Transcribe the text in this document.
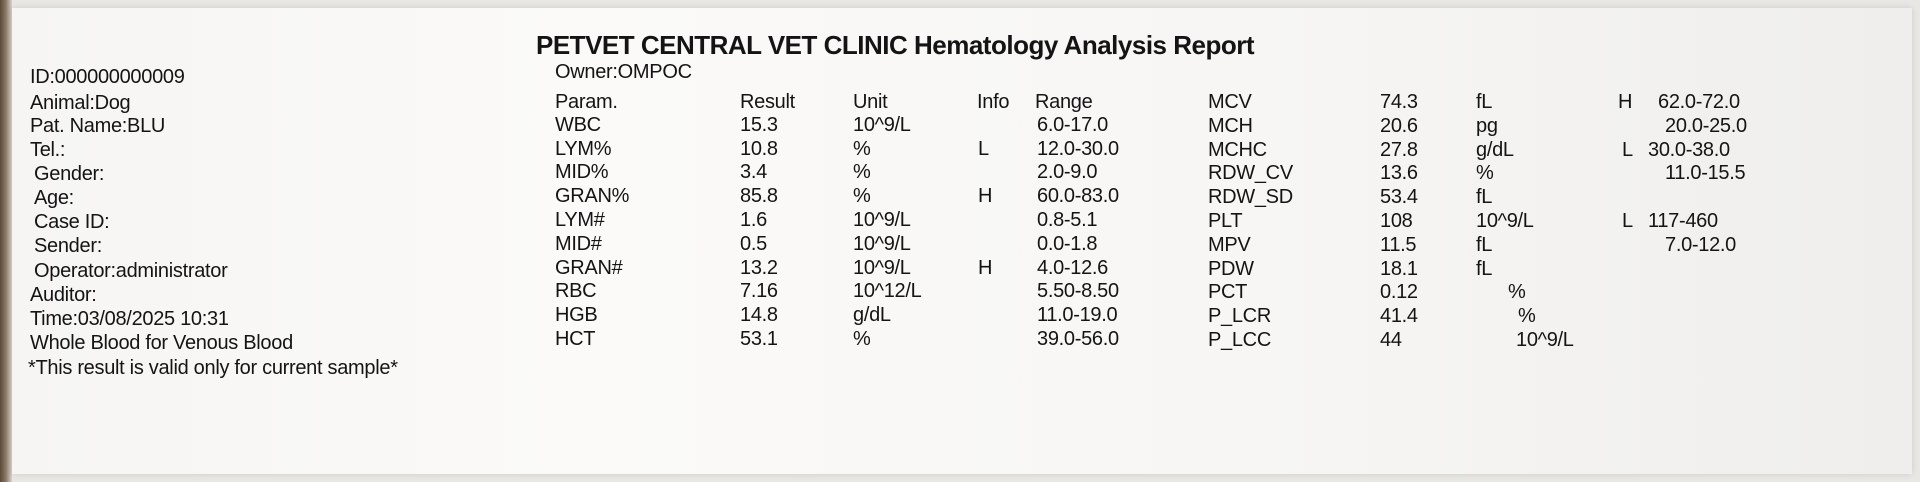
PETVET CENTRAL VET CLINIC Hematology Analysis Report
Owner:OMPOC
ID:000000000009
Animal:Dog
Pat. Name:BLU
Tel.:
Gender:
Age:
Case ID:
Sender:
Operator:administrator
Auditor:
Time:03/08/2025 10:31
Whole Blood for Venous Blood
*This result is valid only for current sample*
Param.	Result	Unit	Info Range
WBC	15.3	10^9/L	6.0-17.0
LYM%	10.8	%	L 12.0-30.0
MID%	3.4	%	2.0-9.0
GRAN%	85.8	%	H 60.0-83.0
LYM#	1.6	10^9/L	0.8-5.1
MID#	0.5	10^9/L	0.0-1.8
GRAN#	13.2	10^9/L	H 4.0-12.6
RBC	7.16	10^12/L	5.50-8.50
HGB	14.8	g/dL	11.0-19.0
HCT	53.1	%	39.0-56.0
MCV	74.3	fL	H 62.0-72.0
MCH	20.6	pg	20.0-25.0
MCHC	27.8	g/dL	L 30.0-38.0
RDW_CV	13.6	%	11.0-15.5
RDW_SD	53.4	fL
PLT	108	10^9/L	L 117-460
MPV	11.5	fL	7.0-12.0
PDW	18.1	fL
PCT	0.12	%
P_LCR	41.4	%
P_LCC	44	10^9/L
